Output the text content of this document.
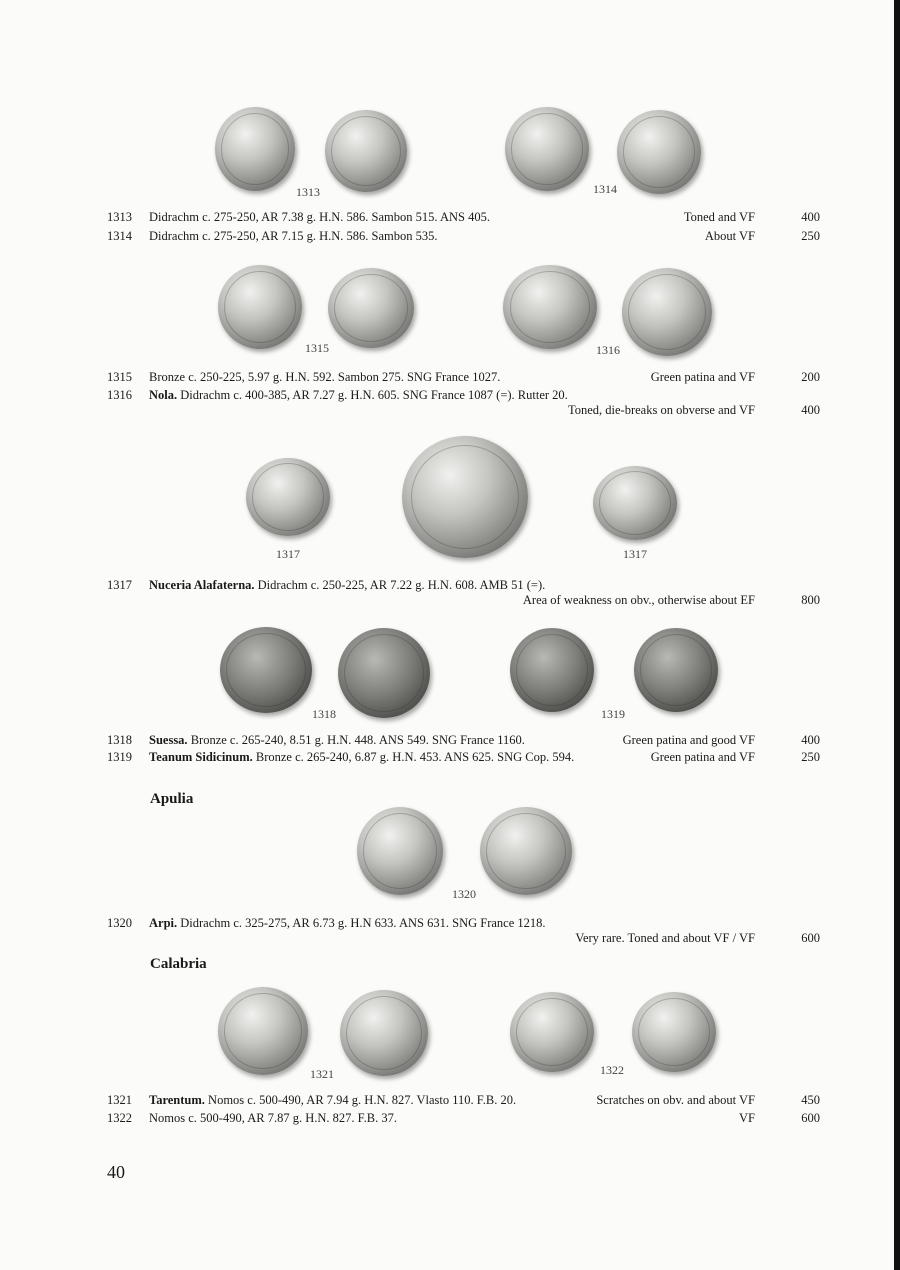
1313	1314
1313 Didrachm c. 275-250, AR 7.38 g. H.N. 586. Sambon 515. ANS 405.	Toned and VF	400
1314 Didrachm c. 275-250, AR 7.15 g. H.N. 586. Sambon 535.	About VF	250
1315	1316
1315 Bronze c. 250-225, 5.97 g. H.N. 592. Sambon 275. SNG France 1027.	Green patina and VF	200
1316 Nola. Didrachm c. 400-385, AR 7.27 g. H.N. 605. SNG France 1087 (=). Rutter 20.
Toned, die-breaks on obverse and VF	400
1317	1317
1317 Nuceria Alafaterna. Didrachm c. 250-225, AR 7.22 g. H.N. 608. AMB 51 (=).
Area of weakness on obv., otherwise about EF	800
1318	1319
1318 Suessa. Bronze c. 265-240, 8.51 g. H.N. 448. ANS 549. SNG France 1160.	Green patina and good VF	400
1319 Teanum Sidicinum. Bronze c. 265-240, 6.87 g. H.N. 453. ANS 625. SNG Cop. 594.	Green patina and VF	250
Apulia
1320
1320 Arpi. Didrachm c. 325-275, AR 6.73 g. H.N 633. ANS 631. SNG France 1218.
Very rare. Toned and about VF / VF	600
Calabria
1321	1322
1321 Tarentum. Nomos c. 500-490, AR 7.94 g. H.N. 827. Vlasto 110. F.B. 20.	Scratches on obv. and about VF	450
1322 Nomos c. 500-490, AR 7.87 g. H.N. 827. F.B. 37.	VF	600
40
